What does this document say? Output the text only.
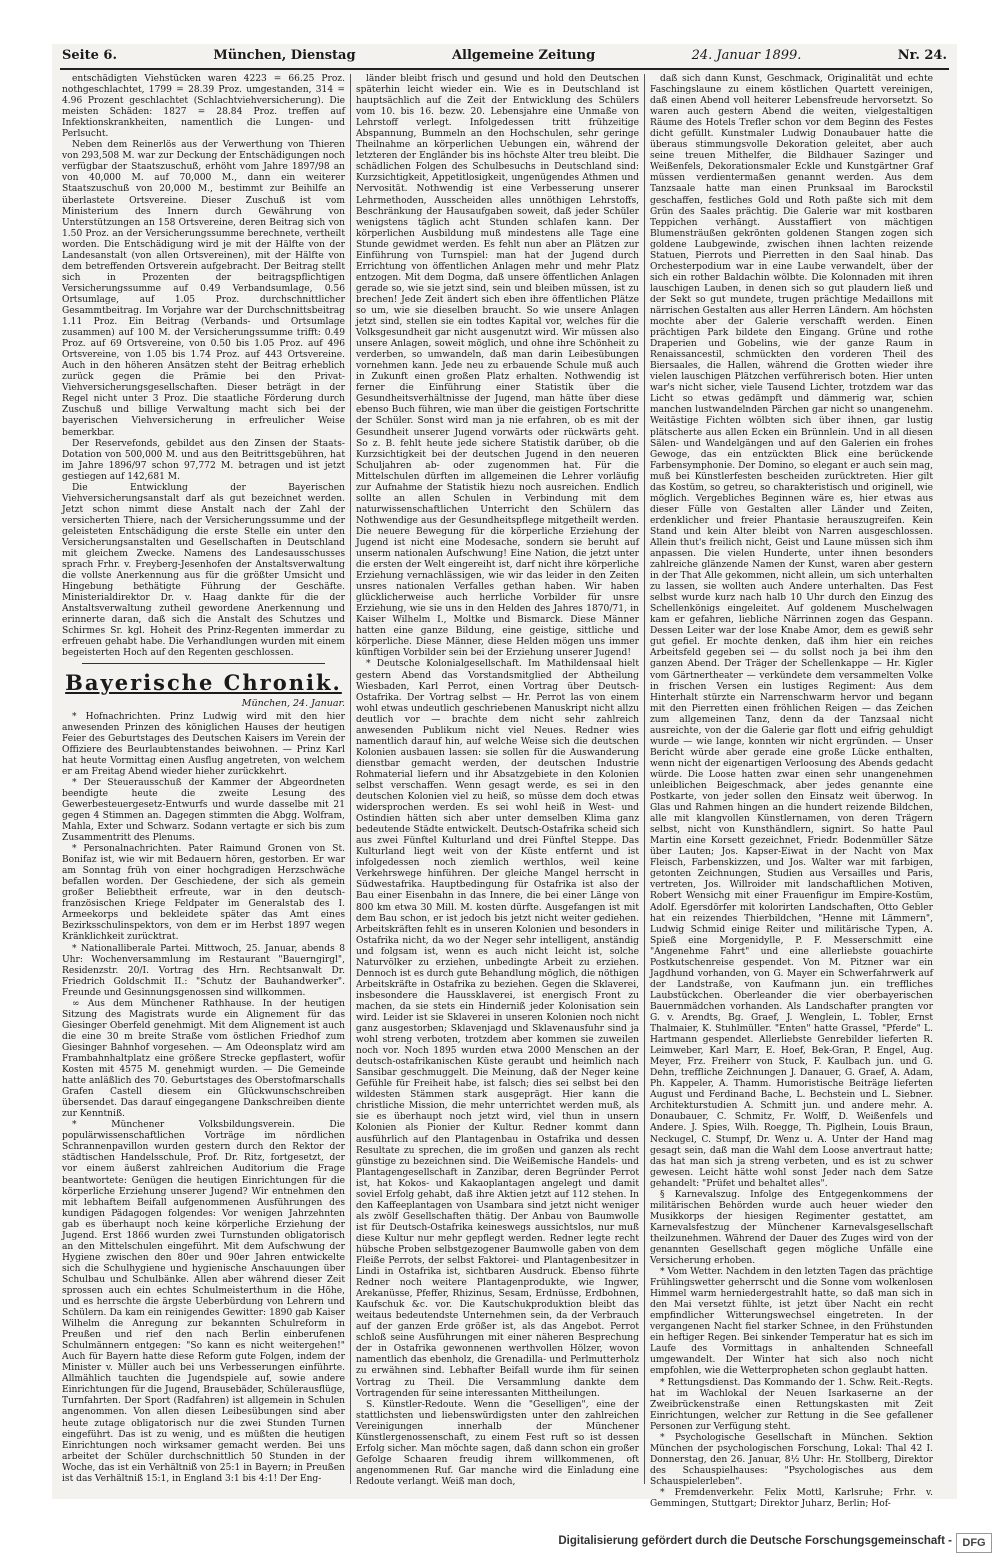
Seite 6.	München, Dienstag	Allgemeine Zeitung	24. Januar 1899.	Nr. 24.

entschädigten Viehstücken waren 4223 = 66.25 Proz. nothgeschlachtet, 1799 = 28.39 Proz. umgestanden, 314 = 4.96 Prozent geschlachtet (Schlachtviehversicherung). Die meisten Schäden: 1827 = 28.84 Proz. treffen auf Infektionskrankheiten, namentlich die Lungen- und Perlsucht.

Neben dem Reinerlös aus der Verwerthung von Thieren von 293,508 M. war zur Deckung der Entschädigungen noch verfügbar der Staatszuschuß, erhöht vom Jahre 1897/98 an von 40,000 M. auf 70,000 M., dann ein weiterer Staatszuschuß von 20,000 M., bestimmt zur Beihilfe an überlastete Ortsvereine. Dieser Zuschuß ist vom Ministerium des Innern durch Gewährung von Unterstützungen an 158 Ortsvereine, deren Beitrag sich von 1.50 Proz. an der Versicherungssumme berechnete, vertheilt worden. Die Entschädigung wird je mit der Hälfte von der Landesanstalt (von allen Ortsvereinen), mit der Hälfte von dem betreffenden Ortsverein aufgebracht. Der Beitrag stellt sich in Prozenten der beitragspflichtigen Versicherungssumme auf 0.49 Verbandsumlage, 0.56 Ortsumlage, auf 1.05 Proz. durchschnittlicher Gesammtbeitrag. Im Vorjahre war der Durchschnittsbeitrag 1.11 Proz. Ein Beitrag (Verbands- und Ortsumlage zusammen) auf 100 M. der Versicherungssumme trifft: 0.49 Proz. auf 69 Ortsvereine, von 0.50 bis 1.05 Proz. auf 496 Ortsvereine, von 1.05 bis 1.74 Proz. auf 443 Ortsvereine. Auch in den höheren Ansätzen steht der Beitrag erheblich zurück gegen die Prämie bei den Privat-Viehversicherungsgesellschaften. Dieser beträgt in der Regel nicht unter 3 Proz. Die staatliche Förderung durch Zuschuß und billige Verwaltung macht sich bei der bayerischen Viehversicherung in erfreulicher Weise bemerkbar.

Der Reservefonds, gebildet aus den Zinsen der Staats-Dotation von 500,000 M. und aus den Beitrittsgebühren, hat im Jahre 1896/97 schon 97,772 M. betragen und ist jetzt gestiegen auf 142,681 M.

Die Entwicklung der Bayerischen Viehversicherungsanstalt darf als gut bezeichnet werden. Jetzt schon nimmt diese Anstalt nach der Zahl der versicherten Thiere, nach der Versicherungssumme und der geleisteten Entschädigung die erste Stelle ein unter den Versicherungsanstalten und Gesellschaften in Deutschland mit gleichem Zwecke. Namens des Landesausschusses sprach Frhr. v. Freyberg-Jesenhofen der Anstaltsverwaltung die vollste Anerkennung aus für die größter Umsicht und Hingebung bethätigte Führung der Geschäfte. Ministerialdirektor Dr. v. Haag dankte für die der Anstaltsverwaltung zutheil gewordene Anerkennung und erinnerte daran, daß sich die Anstalt des Schutzes und Schirmes Sr. kgl. Hoheit des Prinz-Regenten immerdar zu erfreuen gehabt habe. Die Verhandlungen wurden mit einem begeisterten Hoch auf den Regenten geschlossen.

Bayerische Chronik.
München, 24. Januar.

* Hofnachrichten. Prinz Ludwig wird mit den hier anwesenden Prinzen des königlichen Hauses der heutigen Feier des Geburtstages des Deutschen Kaisers im Verein der Offiziere des Beurlaubtenstandes beiwohnen. — Prinz Karl hat heute Vormittag einen Ausflug angetreten, von welchem er am Freitag Abend wieder hieher zurückkehrt.

* Der Steuerausschuß der Kammer der Abgeordneten beendigte heute die zweite Lesung des Gewerbesteuergesetz-Entwurfs und wurde dasselbe mit 21 gegen 4 Stimmen an. Dagegen stimmten die Abgg. Wolfram, Mahla, Exter und Schwarz. Sodann vertagte er sich bis zum Zusammentritt des Plenums.

* Personalnachrichten. Pater Raimund Gronen von St. Bonifaz ist, wie wir mit Bedauern hören, gestorben. Er war am Sonntag früh von einer hochgradigen Herzschwäche befallen worden. Der Geschiedene, der sich als gemein großer Beliebtheit erfreute, war in den deutsch-französischen Kriege Feldpater im Generalstab des I. Armeekorps und bekleidete später das Amt eines Bezirksschulinspektors, von dem er im Herbst 1897 wegen Kränklichkeit zurücktrat.

* Nationalliberale Partei. Mittwoch, 25. Januar, abends 8 Uhr: Wochenversammlung im Restaurant "Bauerngirgl", Residenzstr. 20/I. Vortrag des Hrn. Rechtsanwalt Dr. Friedrich Goldschmit II.: "Schutz der Bauhandwerker". Freunde und Gesinnungsgenossen sind willkommen.

∞ Aus dem Münchener Rathhause. In der heutigen Sitzung des Magistrats wurde ein Alignement für das Giesinger Oberfeld genehmigt. Mit dem Alignement ist auch die eine 30 m breite Straße vom östlichen Friedhof zum Giesinger Bahnhof vorgesehen. — Am Odeonsplatz wird am Frambahnhaltplatz eine größere Strecke gepflastert, wofür Kosten mit 4575 M. genehmigt wurden. — Die Gemeinde hatte anläßlich des 70. Geburtstages des Oberstofmarschalls Grafen Castell diesem ein Glückwunschschreiben übersendet. Das darauf eingegangene Dankschreiben diente zur Kenntniß.

* Münchener Volksbildungsverein. Die populärwissenschaftlichen Vorträge im nördlichen Schrannenpavillon wurden gestern durch den Rektor der städtischen Handelsschule, Prof. Dr. Ritz, fortgesetzt, der vor einem äußerst zahlreichen Auditorium die Frage beantwortete: Genügen die heutigen Einrichtungen für die körperliche Erziehung unserer Jugend? Wir entnehmen den mit lebhaftem Beifall aufgenommenen Ausführungen des kundigen Pädagogen folgendes: Vor wenigen Jahrzehnten gab es überhaupt noch keine körperliche Erziehung der Jugend. Erst 1866 wurden zwei Turnstunden obligatorisch an den Mittelschulen eingeführt. Mit dem Aufschwung der Hygiene zwischen den 80er und 90er Jahren entwickelte sich die Schulhygiene und hygienische Anschauungen über Schulbau und Schulbänke. Allen aber während dieser Zeit sprossen auch ein echtes Schulmeisterthum in die Höhe, und es herrschte die ärgste Ueberbürdung von Lehrern und Schülern. Da kam ein reinigendes Gewitter: 1890 gab Kaiser Wilhelm die Anregung zur bekannten Schulreform in Preußen und rief den nach Berlin einberufenen Schulmännern entgegen: "So kann es nicht weitergehen!" Auch für Bayern hatte diese Reform gute Folgen, indem der Minister v. Müller auch bei uns Verbesserungen einführte. Allmählich tauchten die Jugendspiele auf, sowie andere Einrichtungen für die Jugend, Brausebäder, Schülerausflüge, Turnfahrten. Der Sport (Radfahren) ist allgemein in Schulen angenommen. Von allen diesen Leibesübungen sind aber heute zutage obligatorisch nur die zwei Stunden Turnen eingeführt. Das ist zu wenig, und es müßten die heutigen Einrichtungen noch wirksamer gemacht werden. Bei uns arbeitet der Schüler durchschnittlich 50 Stunden in der Woche, das ist ein Verhältniß von 25:1 in Bayern; in Preußen ist das Verhältniß 15:1, in England 3:1 bis 4:1! Der Eng-

länder bleibt frisch und gesund und hold den Deutschen späterhin leicht wieder ein. Wie es in Deutschland ist hauptsächlich auf die Zeit der Entwicklung des Schülers vom 10. bis 16. bezw. 20. Lebensjahre eine Unmaße von Lehrstoff verlegt. Infolgedessen tritt frühzeitige Abspannung, Bummeln an den Hochschulen, sehr geringe Theilnahme an körperlichen Uebungen ein, während der letzteren der Engländer bis ins höchste Alter treu bleibt. Die schädlichen Folgen des Schulbesuchs in Deutschland sind: Kurzsichtigkeit, Appetitlosigkeit, ungenügendes Athmen und Nervosität. Nothwendig ist eine Verbesserung unserer Lehrmethoden, Ausscheiden alles unnöthigen Lehrstoffs, Beschränkung der Hausaufgaben soweit, daß jeder Schüler wenigstens täglich acht Stunden schlafen kann. Der körperlichen Ausbildung muß mindestens alle Tage eine Stunde gewidmet werden. Es fehlt nun aber an Plätzen zur Einführung von Turnspiel: man hat der Jugend durch Errichtung von öffentlichen Anlagen mehr und mehr Platz entzogen. Mit dem Dogma, daß unsere öffentlichen Anlagen gerade so, wie sie jetzt sind, sein und bleiben müssen, ist zu brechen! Jede Zeit ändert sich eben ihre öffentlichen Plätze so um, wie sie dieselben braucht. So wie unsere Anlagen jetzt sind, stellen sie ein todtes Kapital vor, welches für die Volksgesundheit gar nicht ausgenutzt wird. Wir müssen also unsere Anlagen, soweit möglich, und ohne ihre Schönheit zu verderben, so umwandeln, daß man darin Leibesübungen vornehmen kann. Jede neu zu erbauende Schule muß auch in Zukunft einen großen Platz erhalten. Nothwendig ist ferner die Einführung einer Statistik über die Gesundheitsverhältnisse der Jugend, man hätte über diese ebenso Buch führen, wie man über die geistigen Fortschritte der Schüler. Sonst wird man ja nie erfahren, ob es mit der Gesundheit unserer Jugend vorwärts oder rückwärts geht. So z. B. fehlt heute jede sichere Statistik darüber, ob die Kurzsichtigkeit bei der deutschen Jugend in den neueren Schuljahren ab- oder zugenommen hat. Für die Mittelschulen dürften im allgemeinen die Lehrer vorläufig zur Aufnahme der Statistik hiezu noch ausreichen. Endlich sollte an allen Schulen in Verbindung mit dem naturwissenschaftlichen Unterricht den Schülern das Nothwendige aus der Gesundheitspflege mitgetheilt werden. Die neuere Bewegung für die körperliche Erziehung der Jugend ist nicht eine Modesache, sondern sie beruht auf unserm nationalen Aufschwung! Eine Nation, die jetzt unter die ersten der Welt eingereiht ist, darf nicht ihre körperliche Erziehung vernachlässigen, wie wir das leider in den Zeiten unsres nationalen Verfalles gethan haben. Wir haben glücklicherweise auch herrliche Vorbilder für unsre Erziehung, wie sie uns in den Helden des Jahres 1870/71, in Kaiser Wilhelm I., Moltke und Bismarck. Diese Männer hatten eine ganze Bildung, eine geistige, sittliche und körperliche. Diese Männer, diese Helden mögen uns immer künftigen Vorbilder sein bei der Erziehung unserer Jugend!

* Deutsche Kolonialgesellschaft. Im Mathildensaal hielt gestern Abend das Vorstandsmitglied der Abtheilung Wiesbaden, Karl Perrot, einen Vortrag über Deutsch-Ostafrika. Der Vortrag selbst — Hr. Perrot las von einem wohl etwas undeutlich geschriebenen Manuskript nicht allzu deutlich vor — brachte dem nicht sehr zahlreich anwesenden Publikum nicht viel Neues. Redner wies namentlich darauf hin, auf welche Weise sich die deutschen Kolonien ausbauen lassen: sie sollen für die Auswanderung dienstbar gemacht werden, der deutschen Industrie Rohmaterial liefern und ihr Absatzgebiete in den Kolonien selbst verschaffen. Wenn gesagt werde, es sei in den deutschen Kolonien viel zu heiß, so müsse dem doch etwas widersprochen werden. Es sei wohl heiß in West- und Ostindien hätten sich aber unter demselben Klima ganz bedeutende Städte entwickelt. Deutsch-Ostafrika scheid sich aus zwei Fünftel Kulturland und drei Fünftel Steppe. Das Kulturland liegt weit von der Küste entfernt und ist infolgedessen noch ziemlich werthlos, weil keine Verkehrswege hinführen. Der gleiche Mangel herrscht in Südwestafrika. Hauptbedingung für Ostafrika ist also der Bau einer Eisenbahn in das Innere, die bei einer Länge von 800 km etwa 30 Mill. M. kosten dürfte. Ausgefangen ist mit dem Bau schon, er ist jedoch bis jetzt nicht weiter gediehen. Arbeitskräften fehlt es in unseren Kolonien und besonders in Ostafrika nicht, da wo der Neger sehr intelligent, anständig und folgsam ist, wenn es auch nicht leicht ist, solche Naturvölker zu erziehen, unbedingte Arbeit zu erziehen. Dennoch ist es durch gute Behandlung möglich, die nöthigen Arbeitskräfte in Ostafrika zu beziehen. Gegen die Sklaverei, insbesondere die Haussklaverei, ist energisch Front zu machen, da sie stets ein Hinderniß jeder Kolonisation sein wird. Leider ist sie Sklaverei in unseren Kolonien noch nicht ganz ausgestorben; Sklavenjagd und Sklavenausfuhr sind ja wohl streng verboten, trotzdem aber kommen sie zuweilen noch vor. Noch 1895 wurden etwa 2000 Menschen an der deutsch-ostafrikanischen Küste geraubt und heimlich nach Sansibar geschmuggelt. Die Meinung, daß der Neger keine Gefühle für Freiheit habe, ist falsch; dies sei selbst bei den wildesten Stämmen stark ausgeprägt. Hier kann die christliche Mission, die mehr unterrichtet werden muß, als sie es überhaupt noch jetzt wird, viel thun in unsern Kolonien als Pionier der Kultur. Redner kommt dann ausführlich auf den Plantagenbau in Ostafrika und dessen Resultate zu sprechen, die im großen und ganzen als recht günstige zu bezeichnen sind. Die Weißemische Handels- und Plantagengesellschaft in Zanzibar, deren Begründer Perrot ist, hat Kokos- und Kakaoplantagen angelegt und damit soviel Erfolg gehabt, daß ihre Aktien jetzt auf 112 stehen. In den Kaffeeplantagen von Usambara sind jetzt nicht weniger als zwölf Gesellschaften thätig. Der Anbau von Baumwolle ist für Deutsch-Ostafrika keineswegs aussichtslos, nur muß diese Kultur nur mehr gepflegt werden. Redner legte recht hübsche Proben selbstgezogener Baumwolle gaben von dem Fleiße Perrots, der selbst Faktorei- und Plantagenbesitzer in Lindi in Ostafrika ist, sichtbaren Ausdruck. Ebenso führte Redner noch weitere Plantagenprodukte, wie Ingwer, Arekanüsse, Pfeffer, Rhizinus, Sesam, Erdnüsse, Erdbohnen, Kaufschuk &c. vor. Die Kautschukproduktion bleibt das weitaus bedeutendste Unternehmen sein, da der Verbrauch auf der ganzen Erde größer ist, als das Angebot. Perrot schloß seine Ausführungen mit einer näheren Besprechung der in Ostafrika gewonnenen werthvollen Hölzer, wovon namentlich das ebenholz, die Grenadilla- und Perlmutterholz zu erwähnen sind. Lebhafter Beifall wurde ihm für seinen Vortrag zu Theil. Die Versammlung dankte dem Vortragenden für seine interessanten Mittheilungen.

S. Künstler-Redoute. Wenn die "Geselligen", eine der stattlichsten und liebenswürdigsten unter den zahlreichen Vereinigungen innerhalb der Münchener Künstlergenossenschaft, zu einem Fest ruft so ist dessen Erfolg sicher. Man möchte sagen, daß dann schon ein großer Gefolge Schaaren freudig ihrem willkommenen, oft angenommenen Ruf. Gar manche wird die Einladung eine Redoute verlangt. Weiß man doch,

daß sich dann Kunst, Geschmack, Originalität und echte Faschingslaune zu einem köstlichen Quartett vereinigen, daß einen Abend voll heiterer Lebensfreude hervorsetzt. So waren auch gestern Abend die weiten, vielgestaltigen Räume des Hotels Trefler schon vor dem Beginn des Festes dicht gefüllt. Kunstmaler Ludwig Donaubauer hatte die überaus stimmungsvolle Dekoration geleitet, aber auch seine treuen Mithelfer, die Bildhauer Sazinger und Weißenfels, Dekorationsmaler Eckle und Kunstgärtner Graf müssen verdientermaßen genannt werden. Aus dem Tanzsaale hatte man einen Prunksaal im Barockstil geschaffen, festliches Gold und Roth paßte sich mit dem Grün des Saales prächtig. Die Galerie war mit kostbaren Teppichen verhängt. Ausstaffiert von mächtigen Blumensträußen gekrönten goldenen Stangen zogen sich goldene Laubgewinde, zwischen ihnen lachten reizende Statuen, Pierrots und Pierretten in den Saal hinab. Das Orchesterpodium war in eine Laube verwandelt, über der sich ein rother Baldachin wölbte. Die Kolonnaden mit ihren lauschigen Lauben, in denen sich so gut plaudern ließ und der Sekt so gut mundete, trugen prächtige Medaillons mit närrischen Gestalten aus aller Herren Ländern. Am höchsten mochte aber der Galerie verschafft werden. Einen prächtigen Park bildete den Eingang. Grüne und rothe Draperien und Gobelins, wie der ganze Raum in Renaissancestil, schmückten den vorderen Theil des Biersaales, die Hallen, während die Grotten wieder ihre vielen lauschigen Plätzchen verführerisch boten. Hier unten war's nicht sicher, viele Tausend Lichter, trotzdem war das Licht so etwas gedämpft und dämmerig war, schien manchen lustwandelnden Pärchen gar nicht so unangenehm. Weitästige Fichten wölbten sich über ihnen, gar lustig plätscherte aus allen Ecken ein Brünnlein. Und in all diesen Sälen- und Wandelgängen und auf den Galerien ein frohes Gewoge, das ein entzückten Blick eine berückende Farbensymphonie. Der Domino, so elegant er auch sein mag, muß bei Künstlerfesten bescheiden zurücktreten. Hier gilt das Kostüm, so getreu, so charakteristisch und originell, wie möglich. Vergebliches Beginnen wäre es, hier etwas aus dieser Fülle von Gestalten aller Länder und Zeiten, erdenklicher und freier Phantasie herauszugreifen. Kein Stand und kein Alter bleibt von Narren ausgeschlossen. Allein thut's freilich nicht, Geist und Laune müssen sich ihm anpassen. Die vielen Hunderte, unter ihnen besonders zahlreiche glänzende Namen der Kunst, waren aber gestern in der That Alle gekommen, nicht allein, um sich unterhalten zu lassen, sie wollten auch Andere unterhalten. Das Fest selbst wurde kurz nach halb 10 Uhr durch den Einzug des Schellenkönigs eingeleitet. Auf goldenem Muschelwagen kam er gefahren, liebliche Närrinnen zogen das Gespann. Dessen Leiter war der lose Knabe Amor, dem es gewiß sehr gut gefiel. Er mochte denken, daß ihm hier ein reiches Arbeitsfeld gegeben sei — du sollst noch ja bei ihm den ganzen Abend. Der Träger der Schellenkappe — Hr. Kigler vom Gärtnertheater — verkündete dem versammelten Volke in frischen Versen ein lustiges Regiment: Aus dem Hinterhalt stürzte ein Narrenschwarm hervor und begann mit den Pierretten einen fröhlichen Reigen — das Zeichen zum allgemeinen Tanz, denn da der Tanzsaal nicht ausreichte, von der die Galerie gar flott und eifrig gehuldigt wurde — wie lange, konnten wir nicht ergründen. — Unser Bericht würde aber gerade eine große Lücke enthalten, wenn nicht der eigenartigen Verloosung des Abends gedacht würde. Die Loose hatten zwar einen sehr unangenehmen unleiblichen Beigeschmack, aber jedes genannte eine Postkarte, von jeder sollen den Einsatz weit überwog. In Glas und Rahmen hingen an die hundert reizende Bildchen, alle mit klangvollen Künstlernamen, von deren Trägern selbst, nicht von Kunsthändlern, signirt. So hatte Paul Martin eine Korsett gezeichnet, Friedr. Bodenmüller Sätze über Lauten; Jos. Kapser-Eiwat in der Nacht von Max Fleisch, Farbenskizzen, und Jos. Walter war mit farbigen, getonten Zeichnungen, Studien aus Versailles und Paris, vertreten, Jos. Willroider mit landschaftlichen Motiven, Robert Wensichg mit einer Frauenfigur im Empire-Kostüm, Adolf. Egersdörfer mit kolorirten Landschaften, Otto Gebler hat ein reizendes Thierbildchen, "Henne mit Lämmern", Ludwig Schmid einige Reiter und militärische Typen, A. Spieß eine Morgenidylle, P. F. Messerschmitt eine "Angenehme Fahrt" und eine allerliebste gouachirte Postkutschenreise gespendet. Von M. Pitzner war ein Jagdhund vorhanden, von G. Mayer ein Schwerfahrwerk auf der Landstraße, von Kaufmann jun. ein treffliches Laubstückchen. Oberleander die vier oberbayerischen Bauernmädchen vorhanden. Als Landschafter prangten vor G. v. Arendts, Bg. Graef, J. Wenglein, L. Tobler, Ernst Thalmaier, K. Stuhlmüller. "Enten" hatte Grassel, "Pferde" L. Hartmann gespendet. Allerliebste Genrebilder lieferten R. Leimweber, Karl Marr, E. Hoef, Bek-Gran, P. Engel, Aug. Meyer, Frz. Freiherr von Stuck, F. Kaulbach jun. und G. Dehn, treffliche Zeichnungen J. Danauer, G. Graef, A. Adam, Ph. Kappeler, A. Thamm. Humoristische Beiträge lieferten August und Ferdinand Bache, L. Bechstein und L. Siebner. Architekturstudien A. Schmitt jun. und andere mehr. A. Donaubauer, C. Schmitz, Fr. Wolff, D. Weißenfels und Andere. J. Spies, Wilh. Roegge, Th. Piglhein, Louis Braun, Neckugel, C. Stumpf, Dr. Wenz u. A. Unter der Hand mag gesagt sein, daß man die Wahl dem Loose anvertraut hatte; das hat man sich ja streng verbeten, und es ist zu schwer gewesen. Leicht hätte wohl sonst Jeder nach dem Satze gehandelt: "Prüfet und behaltet alles".

§ Karnevalszug. Infolge des Entgegenkommens der militärischen Behörden wurde auch heuer wieder den Musikkorps der hiesigen Regimenter gestattet, am Karnevalsfestzug der Münchener Karnevalsgesellschaft theilzunehmen. Während der Dauer des Zuges wird von der genannten Gesellschaft gegen mögliche Unfälle eine Versicherung erhoben.

* Vom Wetter. Nachdem in den letzten Tagen das prächtige Frühlingswetter geherrscht und die Sonne vom wolkenlosen Himmel warm herniedergestrahlt hatte, so daß man sich in den Mai versetzt fühlte, ist jetzt über Nacht ein recht empfindlicher Witterungswechsel eingetreten. In der vergangenen Nacht fiel starker Schnee, in den Frühstunden ein heftiger Regen. Bei sinkender Temperatur hat es sich im Laufe des Vormittags in anhaltenden Schneefall umgewandelt. Der Winter hat sich also noch nicht empfohlen, wie die Wetterpropheten schon geglaubt hatten.

* Rettungsdienst. Das Kommando der 1. Schw. Reit.-Regts. hat im Wachlokal der Neuen Isarkaserne an der Zweibrückenstraße einen Rettungskasten mit Zeit Einrichtungen, welcher zur Rettung in die See gefallener Personen zur Verfügung steht.

* Psychologische Gesellschaft in München. Sektion München der psychologischen Forschung, Lokal: Thal 42 I. Donnerstag, den 26. Januar, 8½ Uhr: Hr. Stollberg, Direktor des Schauspielhauses: "Psychologisches aus dem Schauspielerleben".

* Fremdenverkehr. Felix Mottl, Karlsruhe; Frhr. v. Gemmingen, Stuttgart; Direktor Juharz, Berlin; Hof-

Digitalisierung gefördert durch die Deutsche Forschungsgemeinschaft - DFG
